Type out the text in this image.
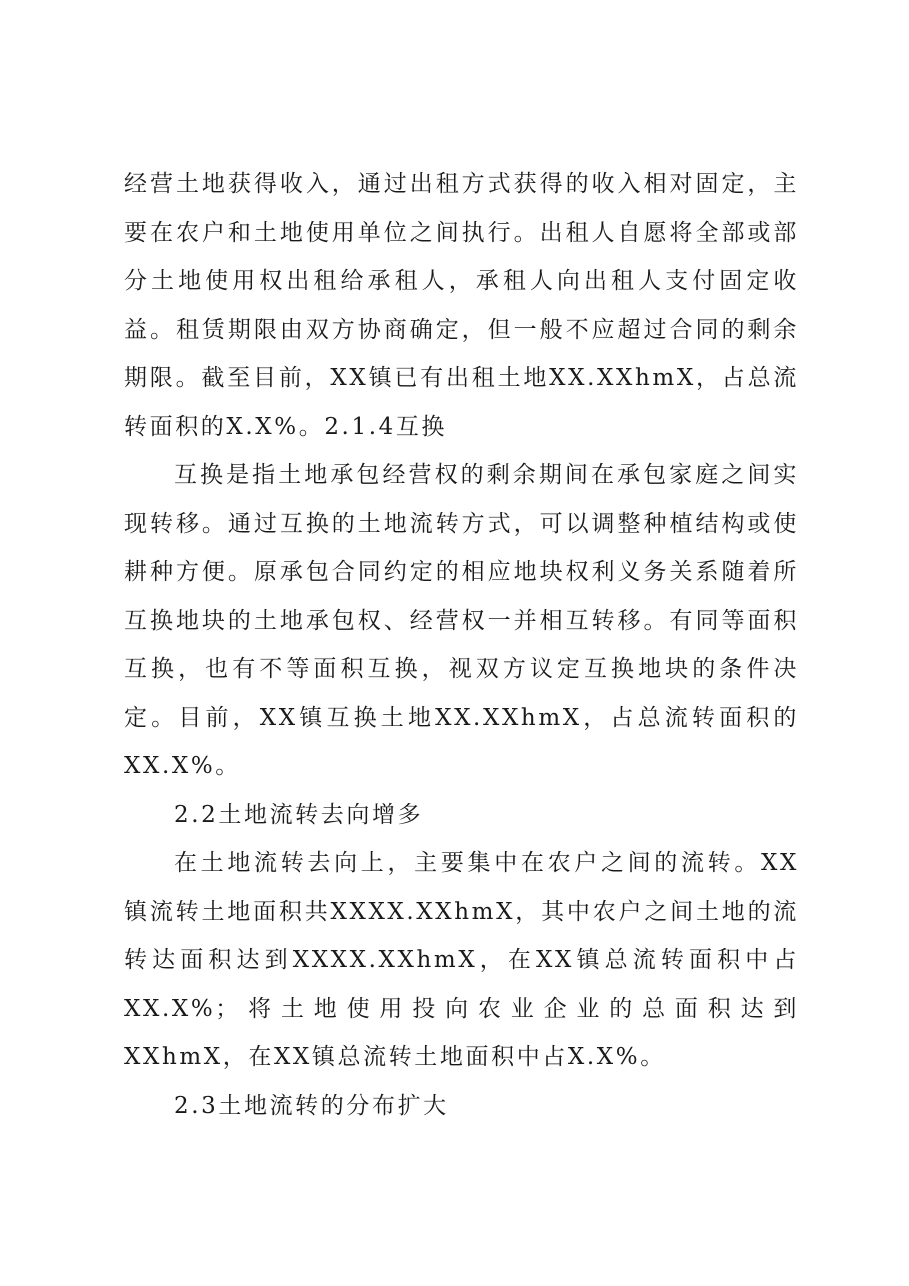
经营土地获得收入，通过出租方式获得的收入相对固定，主要在农户和土地使用单位之间执行。出租人自愿将全部或部分土地使用权出租给承租人，承租人向出租人支付固定收益。租赁期限由双方协商确定，但一般不应超过合同的剩余期限。截至目前，XX镇已有出租土地XX.XXhmX，占总流转面积的X.X%。2.1.4互换

互换是指土地承包经营权的剩余期间在承包家庭之间实现转移。通过互换的土地流转方式，可以调整种植结构或使耕种方便。原承包合同约定的相应地块权利义务关系随着所互换地块的土地承包权、经营权一并相互转移。有同等面积互换，也有不等面积互换，视双方议定互换地块的条件决定。目前，XX镇互换土地XX.XXhmX，占总流转面积的XX.X%。

2.2土地流转去向增多

在土地流转去向上，主要集中在农户之间的流转。XX镇流转土地面积共XXXX.XXhmX，其中农户之间土地的流转达面积达到XXXX.XXhmX，在XX镇总流转面积中占XX.X%；将土地使用投向农业企业的总面积达到XXhmX，在XX镇总流转土地面积中占X.X%。

2.3土地流转的分布扩大
